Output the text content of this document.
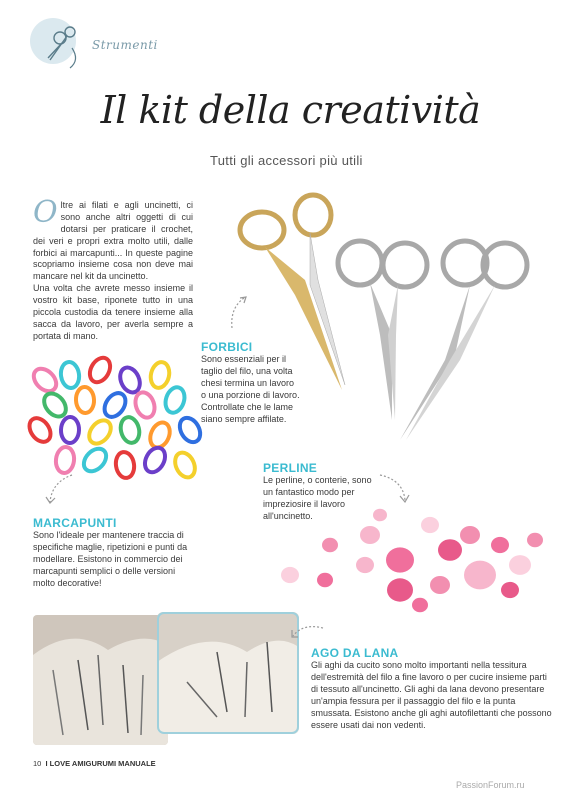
Strumenti
Il kit della creatività
Tutti gli accessori più utili
O ltre ai filati e agli uncinetti, ci sono anche altri oggetti di cui dotarsi per praticare il crochet, dei veri e propri extra molto utili, dalle forbici ai marcapunti... In queste pagine scopriamo insieme cosa non deve mai mancare nel kit da uncinetto.

Una volta che avrete messo insieme il vostro kit base, riponete tutto in una piccola custodia da tenere insieme alla sacca da lavoro, per averla sempre a portata di mano.

FORBICI
Sono essenziali per il taglio del filo, una volta chesi termina un lavoro o una porzione di lavoro. Controllate che le lame siano sempre affilate.
MARCAPUNTI
Sono l'ideale per mantenere traccia di specifiche maglie, ripetizioni e punti da modellare. Esistono in commercio dei marcapunti semplici o delle versioni molto decorative!
PERLINE
Le perline, o conterie, sono un fantastico modo per impreziosire il lavoro all'uncinetto.
AGO DA LANA
Gli aghi da cucito sono molto importanti nella tessitura dell'estremità del filo a fine lavoro o per cucire insieme parti di tessuto all'uncinetto. Gli aghi da lana devono presentare un'ampia fessura per il passaggio del filo e la punta smussata. Esistono anche gli aghi autofilettanti che possono essere usati dai non vedenti.
10 I LOVE AMIGURUMI MANUALE
PassionForum.ru
